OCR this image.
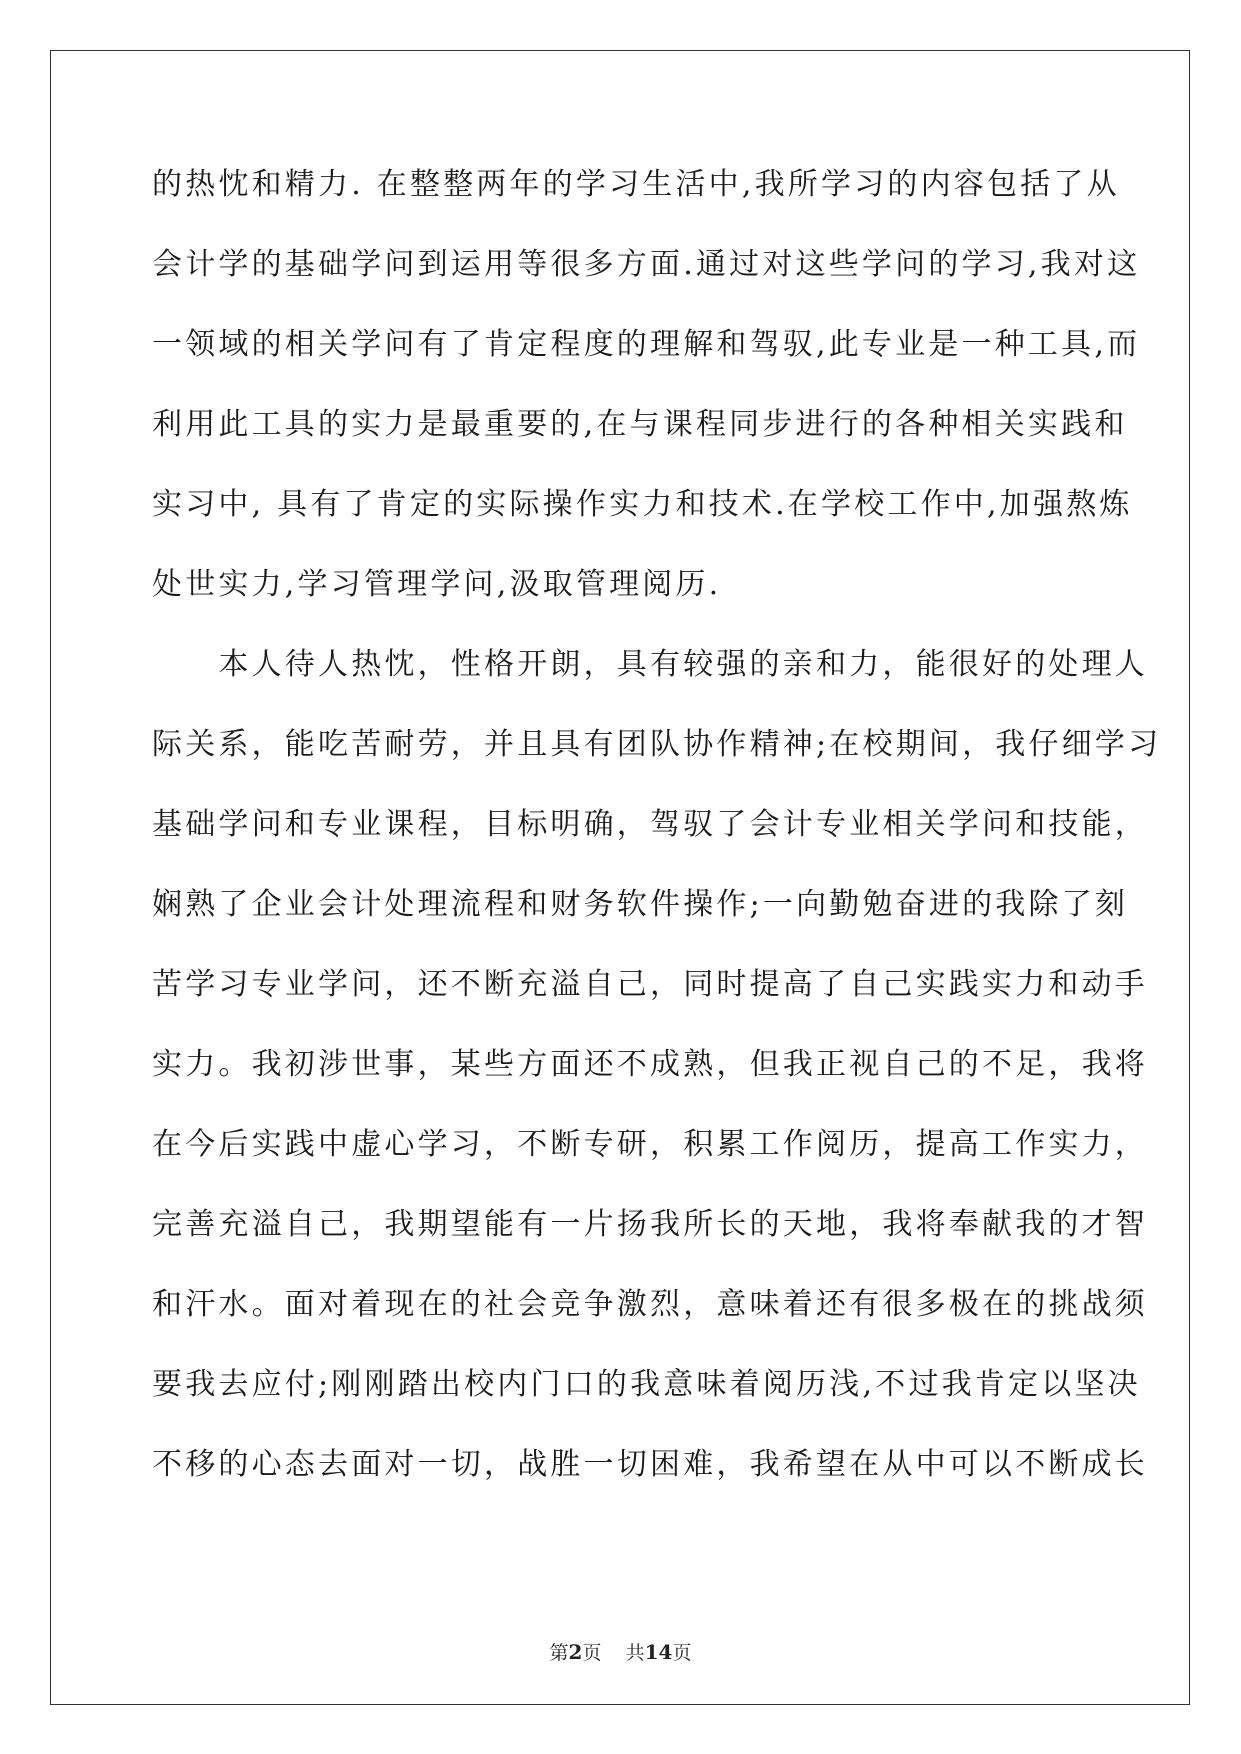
的热忱和精力. 在整整两年的学习生活中,我所学习的内容包括了从
会计学的基础学问到运用等很多方面.通过对这些学问的学习,我对这
一领域的相关学问有了肯定程度的理解和驾驭,此专业是一种工具,而
利用此工具的实力是最重要的,在与课程同步进行的各种相关实践和
实习中, 具有了肯定的实际操作实力和技术.在学校工作中,加强熬炼
处世实力,学习管理学问,汲取管理阅历.
　　本人待人热忱，性格开朗，具有较强的亲和力，能很好的处理人
际关系，能吃苦耐劳，并且具有团队协作精神;在校期间，我仔细学习
基础学问和专业课程，目标明确，驾驭了会计专业相关学问和技能，
娴熟了企业会计处理流程和财务软件操作;一向勤勉奋进的我除了刻
苦学习专业学问，还不断充溢自己，同时提高了自己实践实力和动手
实力。我初涉世事，某些方面还不成熟，但我正视自己的不足，我将
在今后实践中虚心学习，不断专研，积累工作阅历，提高工作实力，
完善充溢自己，我期望能有一片扬我所长的天地，我将奉献我的才智
和汗水。面对着现在的社会竞争激烈，意味着还有很多极在的挑战须
要我去应付;刚刚踏出校内门口的我意味着阅历浅,不过我肯定以坚决
不移的心态去面对一切，战胜一切困难，我希望在从中可以不断成长
第2页 共14页
